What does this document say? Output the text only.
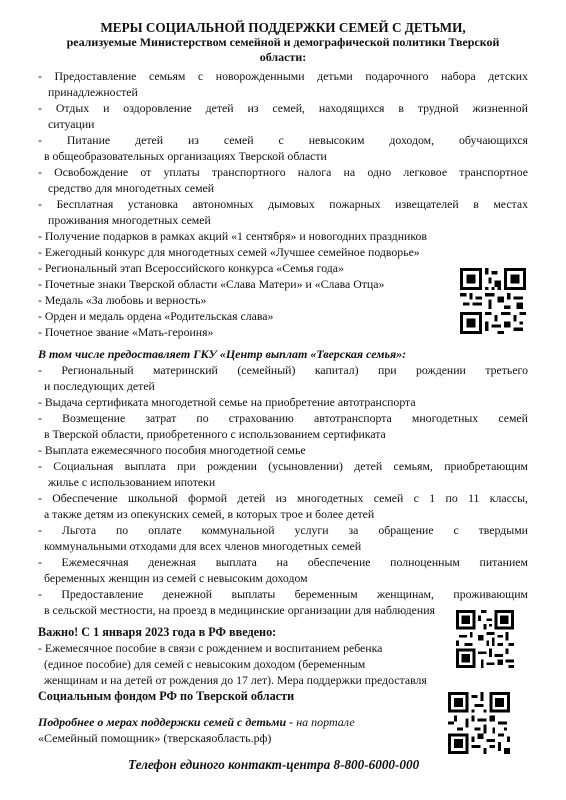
МЕРЫ СОЦИАЛЬНОЙ ПОДДЕРЖКИ СЕМЕЙ С ДЕТЬМИ,
реализуемые Министерством семейной и демографической политики Тверской
области:
- Предоставление семьям с новорожденными детьми подарочного набора детских
принадлежностей
- Отдых и оздоровление детей из семей, находящихся в трудной жизненной
ситуации
- Питание детей из семей с невысоким доходом, обучающихся
в общеобразовательных организациях Тверской области
- Освобождение от уплаты транспортного налога на одно легковое транспортное
средство для многодетных семей
- Бесплатная установка автономных дымовых пожарных извещателей в местах
проживания многодетных семей
- Получение подарков в рамках акций «1 сентября» и новогодних праздников
- Ежегодный конкурс для многодетных семей «Лучшее семейное подворье»
- Региональный этап Всероссийского конкурса «Семья года»
- Почетные знаки Тверской области «Слава Матери» и «Слава Отца»
- Медаль «За любовь и верность»
- Орден и медаль ордена «Родительская слава»
- Почетное звание «Мать-героиня»
В том числе предоставляет ГКУ «Центр выплат «Тверская семья»:
- Региональный материнский (семейный) капитал) при рождении третьего
и последующих детей
- Выдача сертификата многодетной семье на приобретение автотранспорта
- Возмещение затрат по страхованию автотранспорта многодетных семей
в Тверской области, приобретенного с использованием сертификата
- Выплата ежемесячного пособия многодетной семье
- Социальная выплата при рождении (усыновлении) детей семьям, приобретающим
жилье с использованием ипотеки
- Обеспечение школьной формой детей из многодетных семей с 1 по 11 классы,
а также детям из опекунских семей, в которых трое и более детей
- Льгота по оплате коммунальной услуги за обращение с твердыми
коммунальными отходами для всех членов многодетных семей
- Ежемесячная денежная выплата на обеспечение полноценным питанием
беременных женщин из семей с невысоким доходом
- Предоставление денежной выплаты беременным женщинам, проживающим
в сельской местности, на проезд в медицинские организации для наблюдения
Важно! С 1 января 2023 года в РФ введено:
- Ежемесячное пособие в связи с рождением и воспитанием ребенка
(единое пособие) для семей с невысоким доходом (беременным
женщинам и на детей от рождения до 17 лет). Мера поддержки предоставля
Социальным фондом РФ по Тверской области
Подробнее о мерах поддержки семей с детьми - на портале
«Семейный помощник» (тверскаяобласть.рф)
Телефон единого контакт-центра 8-800-6000-000
